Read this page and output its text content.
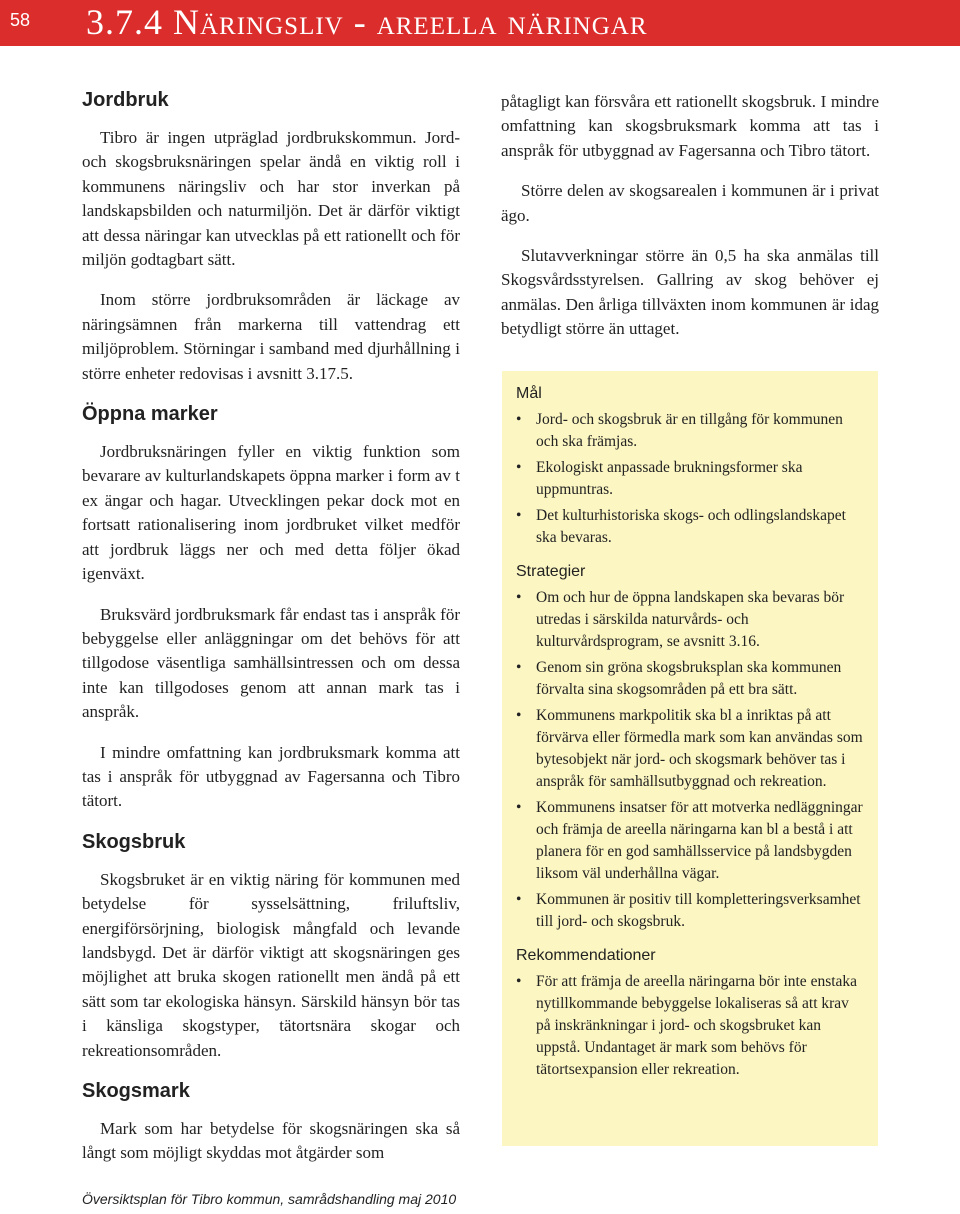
58 3.7.4 Näringsliv - areella näringar
Jordbruk

Tibro är ingen utpräglad jordbrukskommun. Jord- och skogsbruksnäringen spelar ändå en viktig roll i kommunens näringsliv och har stor inverkan på landskapsbilden och naturmiljön. Det är därför viktigt att dessa näringar kan utvecklas på ett rationellt och för miljön godtagbart sätt.

Inom större jordbruksområden är läckage av näringsämnen från markerna till vattendrag ett miljöproblem. Störningar i samband med djurhållning i större enheter redovisas i avsnitt 3.17.5.

Öppna marker

Jordbruksnäringen fyller en viktig funktion som bevarare av kulturlandskapets öppna marker i form av t ex ängar och hagar. Utvecklingen pekar dock mot en fortsatt rationalisering inom jordbruket vilket medför att jordbruk läggs ner och med detta följer ökad igenväxt.

Bruksvärd jordbruksmark får endast tas i anspråk för bebyggelse eller anläggningar om det behövs för att tillgodose väsentliga samhällsintressen och om dessa inte kan tillgodoses genom att annan mark tas i anspråk.

I mindre omfattning kan jordbruksmark komma att tas i anspråk för utbyggnad av Fagersanna och Tibro tätort.

Skogsbruk

Skogsbruket är en viktig näring för kommunen med betydelse för sysselsättning, friluftsliv, energiförsörjning, biologisk mångfald och levande landsbygd. Det är därför viktigt att skogsnäringen ges möjlighet att bruka skogen rationellt men ändå på ett sätt som tar ekologiska hänsyn. Särskild hänsyn bör tas i känsliga skogstyper, tätortsnära skogar och rekreationsområden.

Skogsmark

Mark som har betydelse för skogsnäringen ska så långt som möjligt skyddas mot åtgärder som

påtagligt kan försvåra ett rationellt skogsbruk. I mindre omfattning kan skogsbruksmark komma att tas i anspråk för utbyggnad av Fagersanna och Tibro tätort.

Större delen av skogsarealen i kommunen är i privat ägo.

Slutavverkningar större än 0,5 ha ska anmälas till Skogsvårdsstyrelsen. Gallring av skog behöver ej anmälas. Den årliga tillväxten inom kommunen är idag betydligt större än uttaget.

Mål
• Jord- och skogsbruk är en tillgång för kommunen och ska främjas.
• Ekologiskt anpassade brukningsformer ska uppmuntras.
• Det kulturhistoriska skogs- och odlingslandskapet ska bevaras.
Strategier
• Om och hur de öppna landskapen ska bevaras bör utredas i särskilda naturvårds- och kulturvårdsprogram, se avsnitt 3.16.
• Genom sin gröna skogsbruksplan ska kommunen förvalta sina skogsområden på ett bra sätt.
• Kommunens markpolitik ska bl a inriktas på att förvärva eller förmedla mark som kan användas som bytesobjekt när jord- och skogsmark behöver tas i anspråk för samhällsutbyggnad och rekreation.
• Kommunens insatser för att motverka nedläggningar och främja de areella näringarna kan bl a bestå i att planera för en god samhällsservice på landsbygden liksom väl underhållna vägar.
• Kommunen är positiv till kompletteringsverksamhet till jord- och skogsbruk.
Rekommendationer
• För att främja de areella näringarna bör inte enstaka nytillkommande bebyggelse lokaliseras så att krav på inskränkningar i jord- och skogsbruket kan uppstå. Undantaget är mark som behövs för tätortsexpansion eller rekreation.
Översiktsplan för Tibro kommun, samrådshandling maj 2010
